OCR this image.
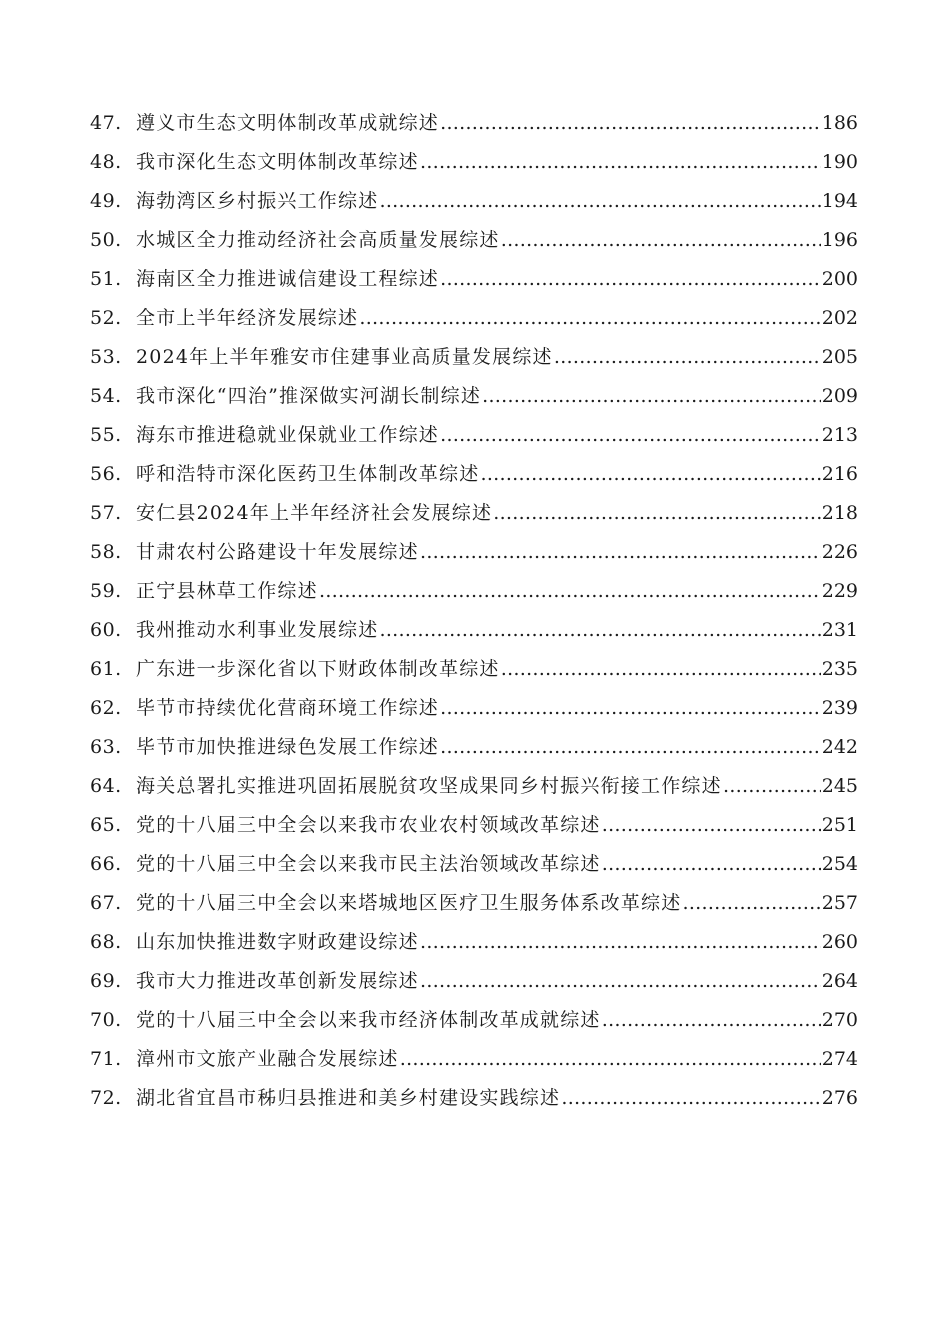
47. 遵义市生态文明体制改革成就综述 ……………………………………………………………………………………………………………………………………………………………………	186
48. 我市深化生态文明体制改革综述 ……………………………………………………………………………………………………………………………………………………………………	190
49. 海勃湾区乡村振兴工作综述 ……………………………………………………………………………………………………………………………………………………………………	194
50. 水城区全力推动经济社会高质量发展综述 ……………………………………………………………………………………………………………………………………………………………………	196
51. 海南区全力推进诚信建设工程综述 ……………………………………………………………………………………………………………………………………………………………………	200
52. 全市上半年经济发展综述 ……………………………………………………………………………………………………………………………………………………………………	202
53. 2024年上半年雅安市住建事业高质量发展综述 ……………………………………………………………………………………………………………………………………………………………………	205
54. 我市深化“四治”推深做实河湖长制综述 ……………………………………………………………………………………………………………………………………………………………………	209
55. 海东市推进稳就业保就业工作综述 ……………………………………………………………………………………………………………………………………………………………………	213
56. 呼和浩特市深化医药卫生体制改革综述 ……………………………………………………………………………………………………………………………………………………………………	216
57. 安仁县2024年上半年经济社会发展综述 ……………………………………………………………………………………………………………………………………………………………………	218
58. 甘肃农村公路建设十年发展综述 ……………………………………………………………………………………………………………………………………………………………………	226
59. 正宁县林草工作综述 ……………………………………………………………………………………………………………………………………………………………………	229
60. 我州推动水利事业发展综述 ……………………………………………………………………………………………………………………………………………………………………	231
61. 广东进一步深化省以下财政体制改革综述 ……………………………………………………………………………………………………………………………………………………………………	235
62. 毕节市持续优化营商环境工作综述 ……………………………………………………………………………………………………………………………………………………………………	239
63. 毕节市加快推进绿色发展工作综述 ……………………………………………………………………………………………………………………………………………………………………	242
64. 海关总署扎实推进巩固拓展脱贫攻坚成果同乡村振兴衔接工作综述 ……………………………………………………………………………………………………………………………………………………………………	245
65. 党的十八届三中全会以来我市农业农村领域改革综述 ……………………………………………………………………………………………………………………………………………………………………	251
66. 党的十八届三中全会以来我市民主法治领域改革综述 ……………………………………………………………………………………………………………………………………………………………………	254
67. 党的十八届三中全会以来塔城地区医疗卫生服务体系改革综述 ……………………………………………………………………………………………………………………………………………………………………	257
68. 山东加快推进数字财政建设综述 ……………………………………………………………………………………………………………………………………………………………………	260
69. 我市大力推进改革创新发展综述 ……………………………………………………………………………………………………………………………………………………………………	264
70. 党的十八届三中全会以来我市经济体制改革成就综述 ……………………………………………………………………………………………………………………………………………………………………	270
71. 漳州市文旅产业融合发展综述 ……………………………………………………………………………………………………………………………………………………………………	274
72. 湖北省宜昌市秭归县推进和美乡村建设实践综述 ……………………………………………………………………………………………………………………………………………………………………	276
